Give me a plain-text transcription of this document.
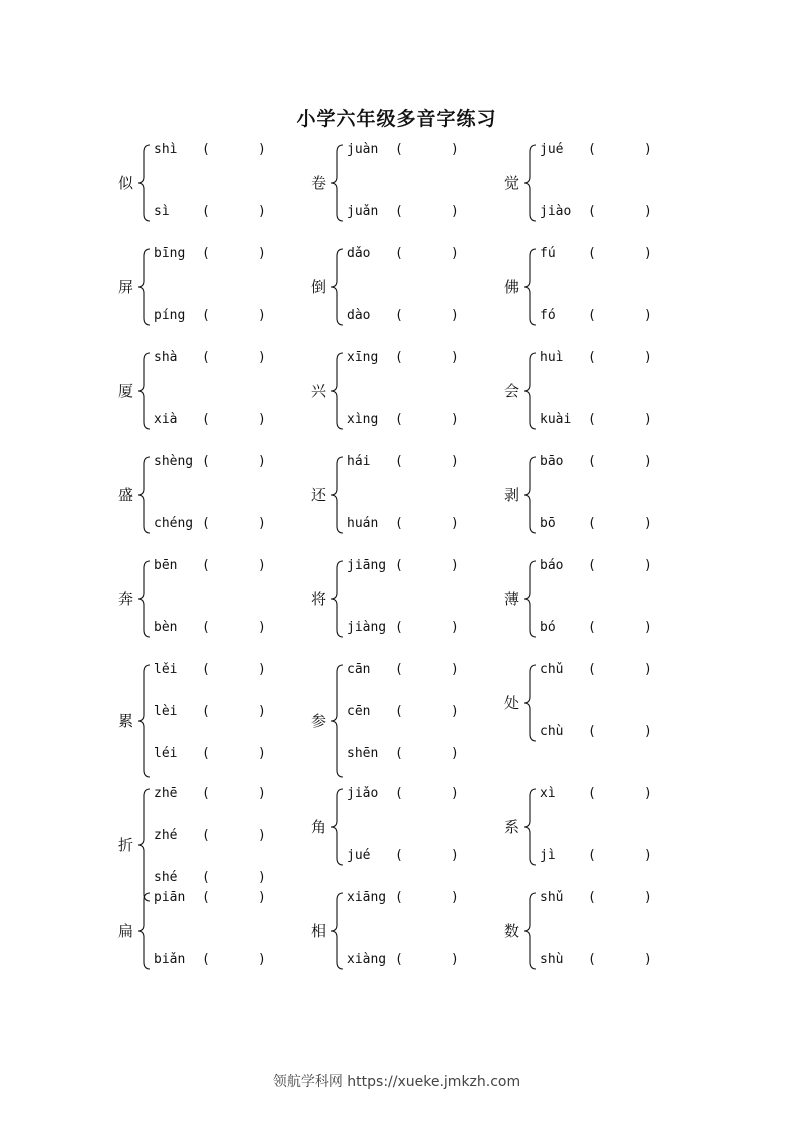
小学六年级多音字练习
似
shì (	)
sì (	)
卷
juàn (	)
juǎn (	)
觉
jué (	)
jiào (	)
屏
bīng (	)
píng (	)
倒
dǎo (	)
dào (	)
佛
fú (	)
fó (	)
厦
shà (	)
xià (	)
兴
xīng (	)
xìng (	)
会
huì (	)
kuài (	)
盛
shèng (	)
chéng (	)
还
hái (	)
huán (	)
剥
bāo (	)
bō (	)
奔
bēn (	)
bèn (	)
将
jiāng (	)
jiàng (	)
薄
báo (	)
bó (	)
累
lěi (	)
lèi (	)
léi (	)
参
cān (	)
cēn (	)
shēn (	)
处
chǔ (	)
chù (	)
折
zhē (	)
zhé (	)
shé (	)
角
jiǎo (	)
jué (	)
系
xì (	)
jì (	)
扁
piān (	)
biǎn (	)
相
xiāng (	)
xiàng (	)
数
shǔ (	)
shù (	)
领航学科网 https://xueke.jmkzh.com
